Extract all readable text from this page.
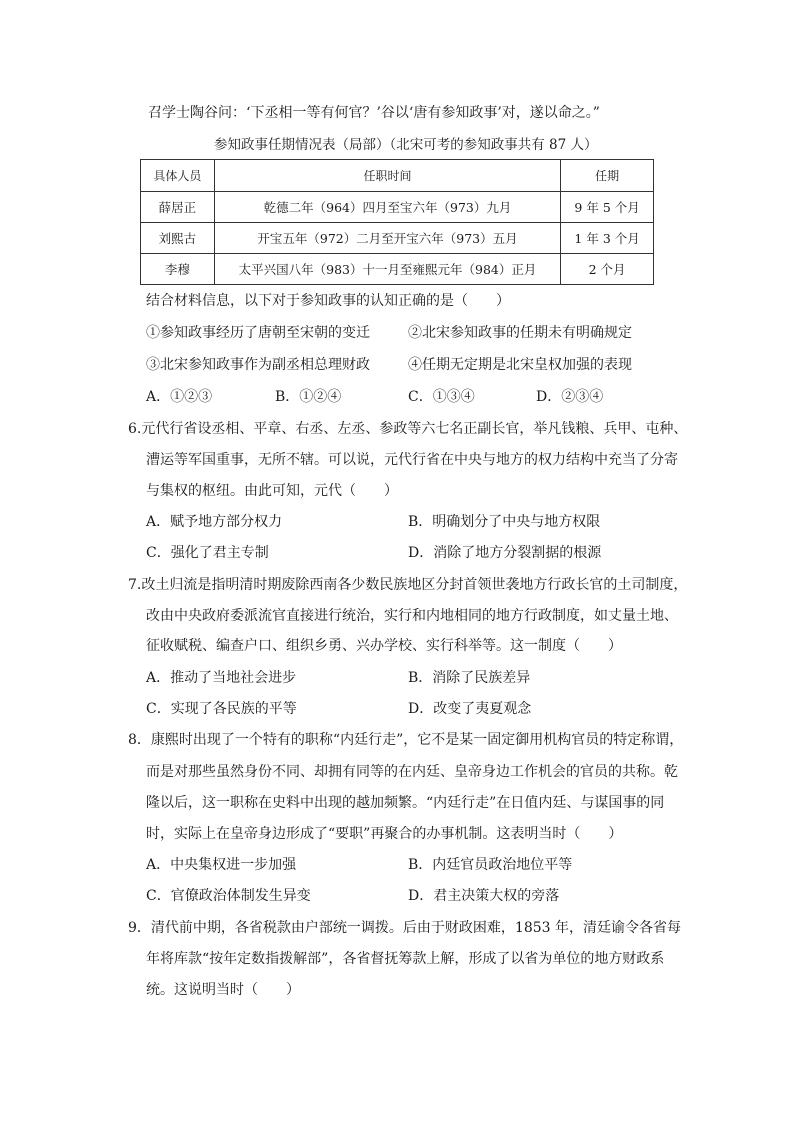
召学士陶谷问：‘下丞相一等有何官？’谷以‘唐有参知政事’对，遂以命之。”
参知政事任期情况表（局部）（北宋可考的参知政事共有 87 人）
具体人员	任职时间	任期
薛居正	乾德二年（964）四月至宝六年（973）九月	9 年 5 个月
刘熙古	开宝五年（972）二月至开宝六年（973）五月	1 年 3 个月
李穆	太平兴国八年（983）十一月至雍熙元年（984）正月	2 个月
结合材料信息，以下对于参知政事的认知正确的是（　　）
①参知政事经历了唐朝至宋朝的变迁	②北宋参知政事的任期未有明确规定
③北宋参知政事作为副丞相总理财政	④任期无定期是北宋皇权加强的表现
A．①②③	B．①②④	C．①③④	D．②③④
6.元代行省设丞相、平章、右丞、左丞、参政等六七名正副长官，举凡钱粮、兵甲、屯种、
漕运等军国重事，无所不辖。可以说，元代行省在中央与地方的权力结构中充当了分寄
与集权的枢纽。由此可知，元代（　　）
A．赋予地方部分权力	B．明确划分了中央与地方权限
C．强化了君主专制	D．消除了地方分裂割据的根源
7.改土归流是指明清时期废除西南各少数民族地区分封首领世袭地方行政长官的土司制度，
改由中央政府委派流官直接进行统治，实行和内地相同的地方行政制度，如丈量土地、
征收赋税、编查户口、组织乡勇、兴办学校、实行科举等。这一制度（　　）
A．推动了当地社会进步	B．消除了民族差异
C．实现了各民族的平等	D．改变了夷夏观念
8．康熙时出现了一个特有的职称“内廷行走”，它不是某一固定御用机构官员的特定称谓，
而是对那些虽然身份不同、却拥有同等的在内廷、皇帝身边工作机会的官员的共称。乾
隆以后，这一职称在史料中出现的越加频繁。“内廷行走”在日值内廷、与谋国事的同
时，实际上在皇帝身边形成了“要职”再聚合的办事机制。这表明当时（　　）
A．中央集权进一步加强	B．内廷官员政治地位平等
C．官僚政治体制发生异变	D．君主决策大权的旁落
9．清代前中期，各省税款由户部统一调拨。后由于财政困难，1853 年，清廷谕令各省每
年将库款“按年定数指拨解部”，各省督抚筹款上解，形成了以省为单位的地方财政系
统。这说明当时（　　）
